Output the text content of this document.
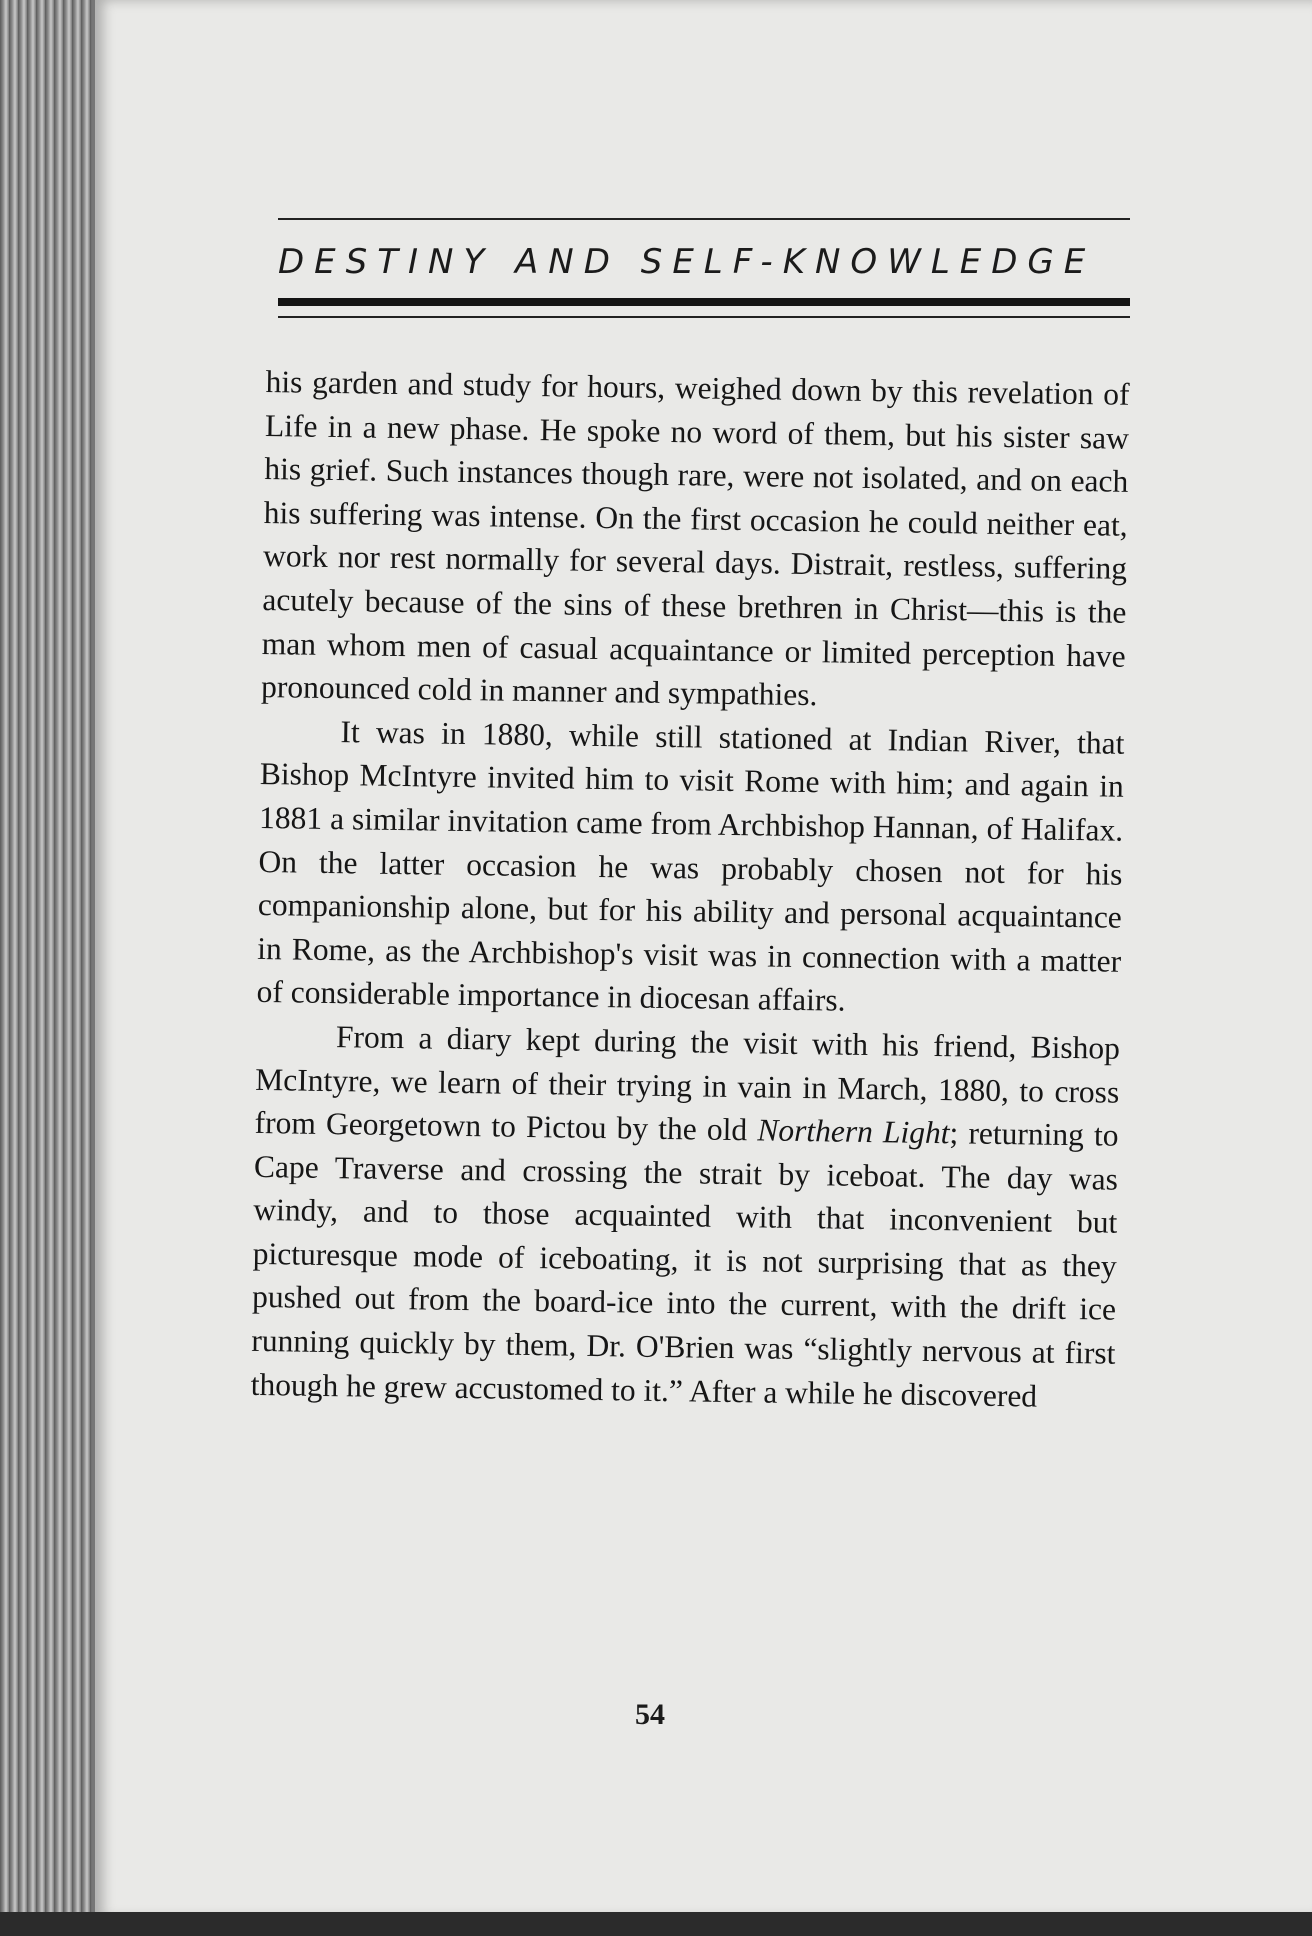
DESTINY AND SELF-KNOWLEDGE

his garden and study for hours, weighed down by this revelation of Life in a new phase. He spoke no word of them, but his sister saw his grief. Such instances though rare, were not isolated, and on each his suffering was intense. On the first occasion he could neither eat, work nor rest normally for several days. Distrait, restless, suffering acutely because of the sins of these brethren in Christ—this is the man whom men of casual acquaintance or limited perception have pronounced cold in manner and sympathies.

It was in 1880, while still stationed at Indian River, that Bishop McIntyre invited him to visit Rome with him; and again in 1881 a similar invitation came from Archbishop Hannan, of Halifax. On the latter occasion he was probably chosen not for his companionship alone, but for his ability and personal acquaintance in Rome, as the Archbishop's visit was in connection with a matter of considerable importance in diocesan affairs.

From a diary kept during the visit with his friend, Bishop McIntyre, we learn of their trying in vain in March, 1880, to cross from Georgetown to Pictou by the old Northern Light; returning to Cape Traverse and crossing the strait by iceboat. The day was windy, and to those acquainted with that inconvenient but picturesque mode of iceboating, it is not surprising that as they pushed out from the board-ice into the current, with the drift ice running quickly by them, Dr. O'Brien was “slightly nervous at first though he grew accustomed to it.” After a while he discovered

54
